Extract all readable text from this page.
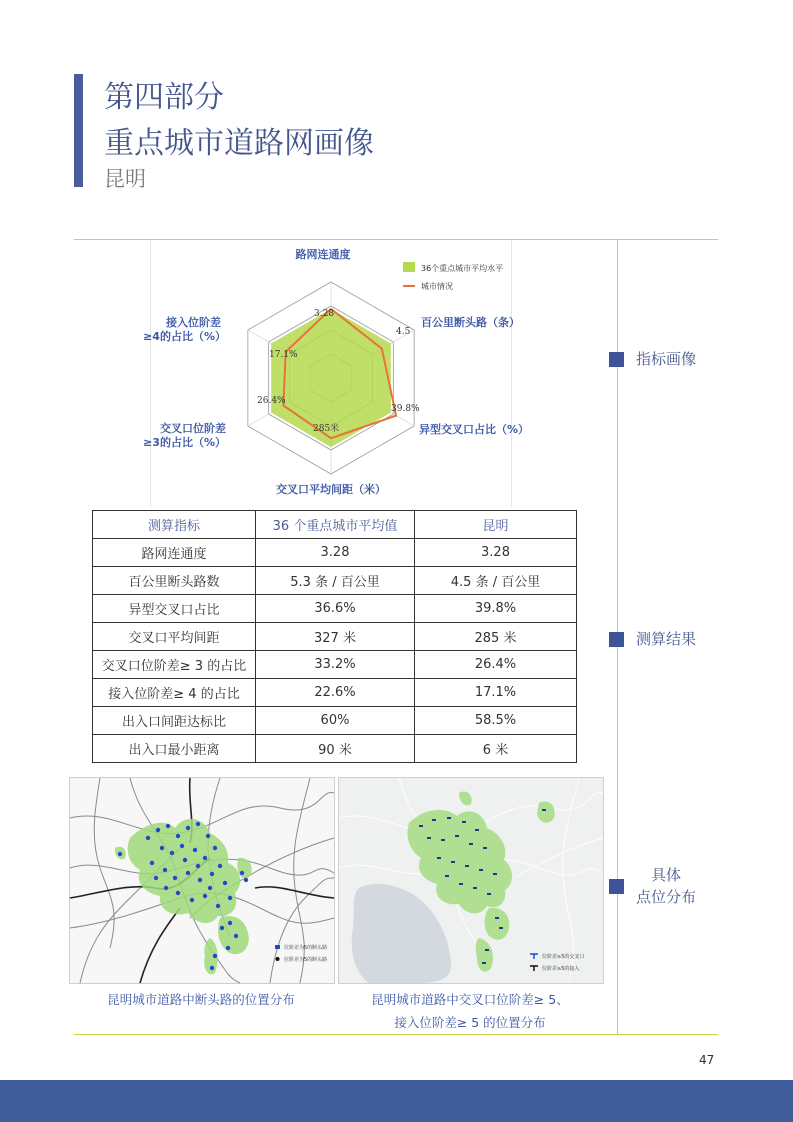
第四部分
重点城市道路网画像
昆明
36个重点城市平均水平
城市情况
路网连通度
百公里断头路（条）
异型交叉口占比（%）
交叉口平均间距（米）
交叉口位阶差
≥3的占比（%）
接入位阶差
≥4的占比（%）
3.28
4.5
39.8%
285米
26.4%
17.1%	指标画像
测算结果
具体
点位分布
测算指标	36 个重点城市平均值	昆明
路网连通度	3.28	3.28
百公里断头路数	5.3 条 / 百公里	4.5 条 / 百公里
异型交叉口占比	36.6%	39.8%
交叉口平均间距	327 米	285 米
交叉口位阶差≥ 3 的占比	33.2%	26.4%
接入位阶差≥ 4 的占比	22.6%	17.1%
出入口间距达标比	60%	58.5%
出入口最小距离	90 米	6 米
位阶差为5的断头路
位阶差为5的断头路	位阶差≥5的交叉口
位阶差≥5的接入
昆明城市道路中断头路的位置分布	昆明城市道路中交叉口位阶差≥ 5、
接入位阶差≥ 5 的位置分布
47
